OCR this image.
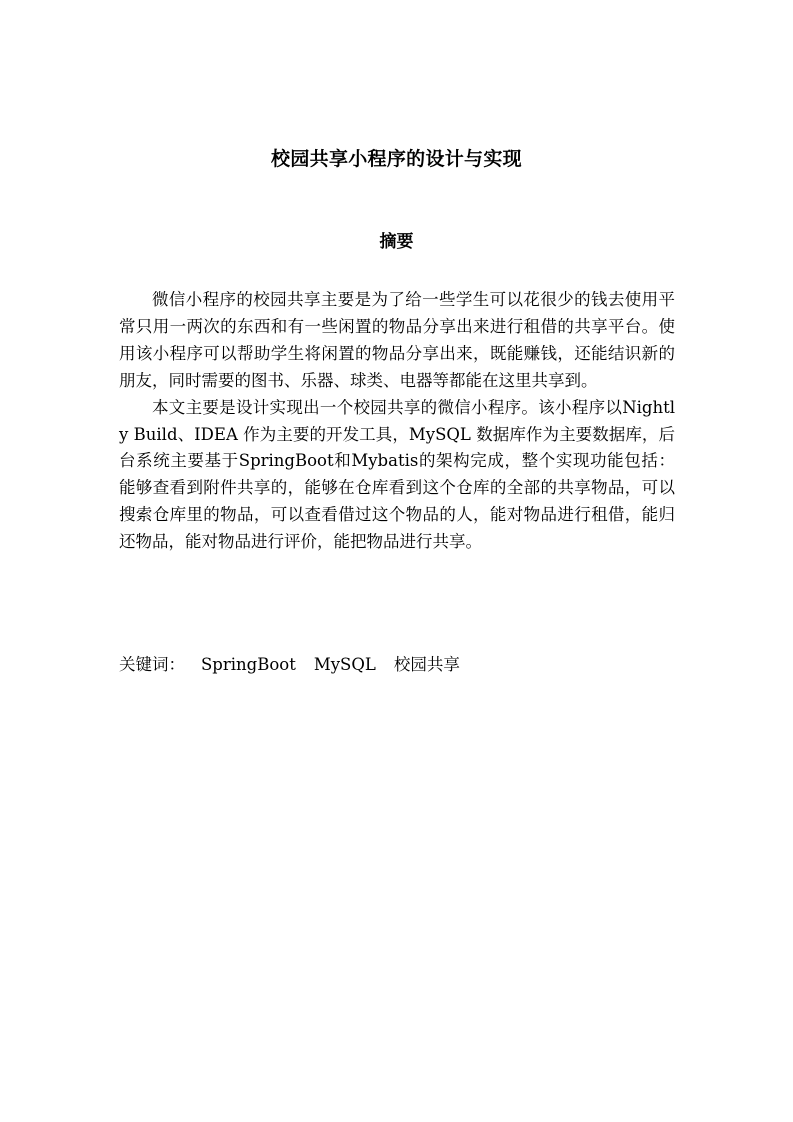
校园共享小程序的设计与实现
摘要

微信小程序的校园共享主要是为了给一些学生可以花很少的钱去使用平常只用一两次的东西和有一些闲置的物品分享出来进行租借的共享平台。使用该小程序可以帮助学生将闲置的物品分享出来，既能赚钱，还能结识新的朋友，同时需要的图书、乐器、球类、电器等都能在这里共享到。

本文主要是设计实现出一个校园共享的微信小程序。该小程序以Nightly Build、IDEA 作为主要的开发工具，MySQL 数据库作为主要数据库，后台系统主要基于SpringBoot和Mybatis的架构完成，整个实现功能包括：能够查看到附件共享的，能够在仓库看到这个仓库的全部的共享物品，可以搜索仓库里的物品，可以查看借过这个物品的人，能对物品进行租借，能归还物品，能对物品进行评价，能把物品进行共享。

关键词： SpringBoot MySQL 校园共享
